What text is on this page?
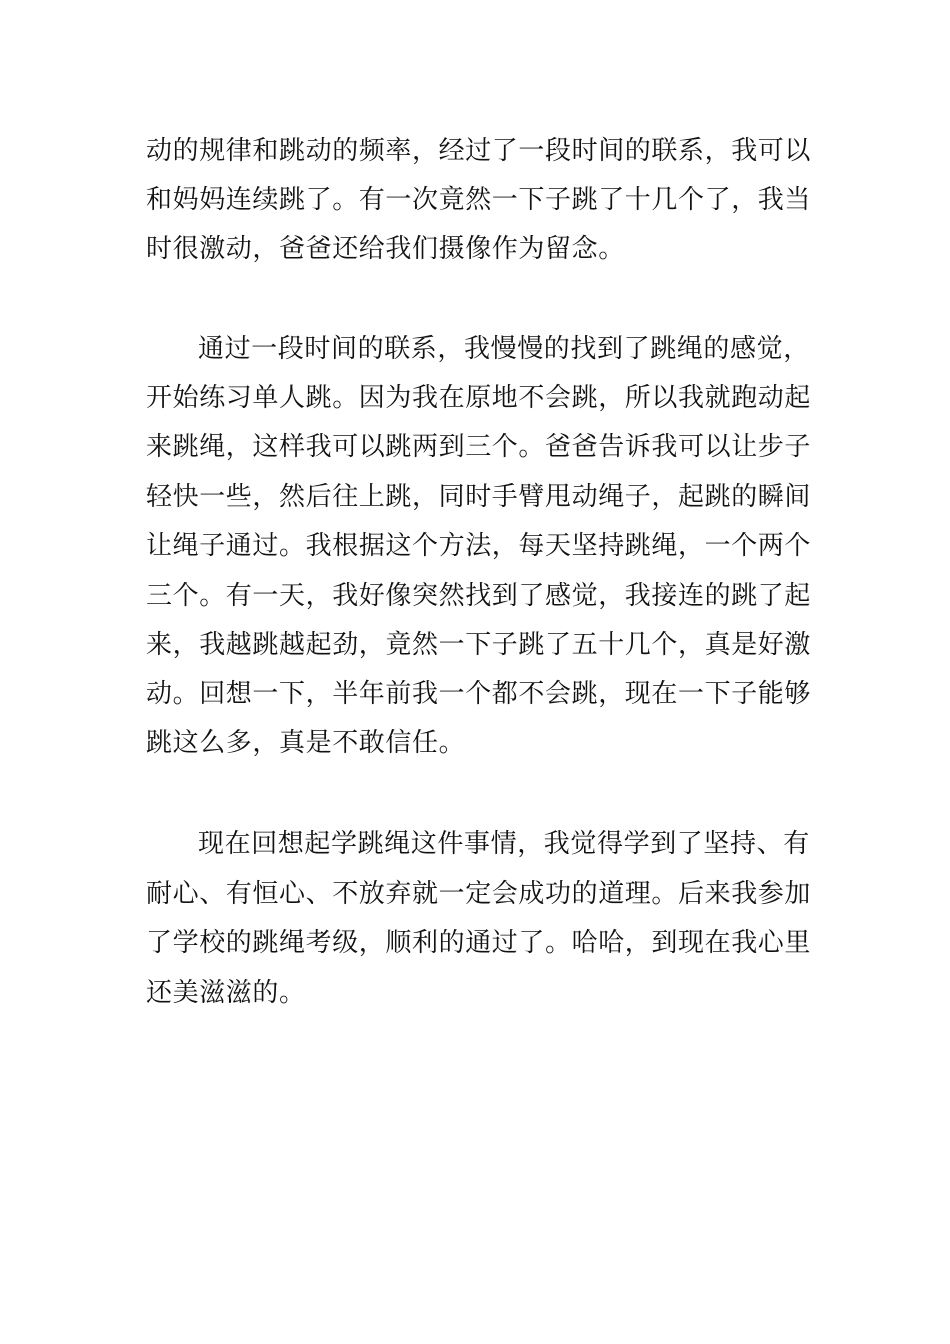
动的规律和跳动的频率，经过了一段时间的联系，我可以
和妈妈连续跳了。有一次竟然一下子跳了十几个了，我当
时很激动，爸爸还给我们摄像作为留念。
通过一段时间的联系，我慢慢的找到了跳绳的感觉，
开始练习单人跳。因为我在原地不会跳，所以我就跑动起
来跳绳，这样我可以跳两到三个。爸爸告诉我可以让步子
轻快一些，然后往上跳，同时手臂甩动绳子，起跳的瞬间
让绳子通过。我根据这个方法，每天坚持跳绳，一个两个
三个。有一天，我好像突然找到了感觉，我接连的跳了起
来，我越跳越起劲，竟然一下子跳了五十几个，真是好激
动。回想一下，半年前我一个都不会跳，现在一下子能够
跳这么多，真是不敢信任。
现在回想起学跳绳这件事情，我觉得学到了坚持、有
耐心、有恒心、不放弃就一定会成功的道理。后来我参加
了学校的跳绳考级，顺利的通过了。哈哈，到现在我心里
还美滋滋的。
